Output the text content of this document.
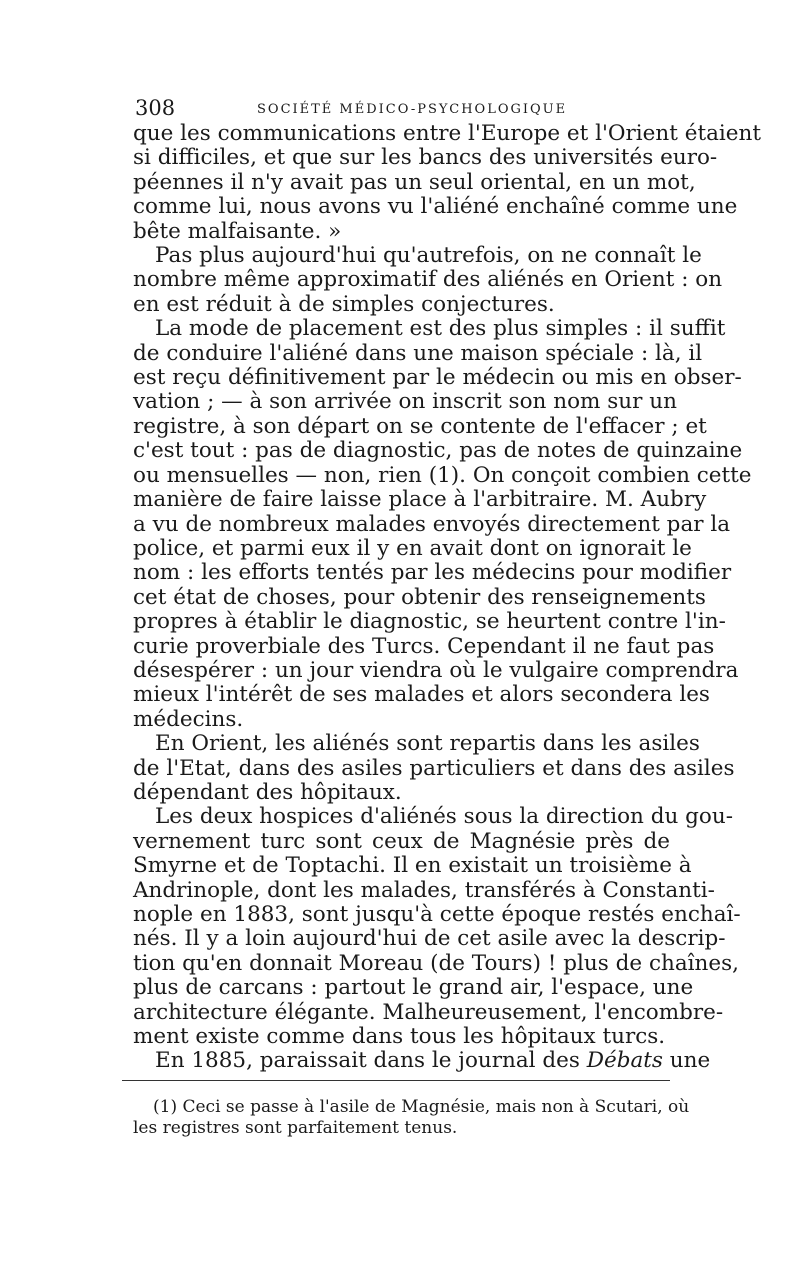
308	SOCIÉTÉ MÉDICO-PSYCHOLOGIQUE

que les communications entre l'Europe et l'Orient étaient
si difficiles, et que sur les bancs des universités euro-
péennes il n'y avait pas un seul oriental, en un mot,
comme lui, nous avons vu l'aliéné enchaîné comme une
bête malfaisante. »

Pas plus aujourd'hui qu'autrefois, on ne connaît le
nombre même approximatif des aliénés en Orient : on
en est réduit à de simples conjectures.

La mode de placement est des plus simples : il suffit
de conduire l'aliéné dans une maison spéciale : là, il
est reçu définitivement par le médecin ou mis en obser-
vation ; — à son arrivée on inscrit son nom sur un
registre, à son départ on se contente de l'effacer ; et
c'est tout : pas de diagnostic, pas de notes de quinzaine
ou mensuelles — non, rien (1). On conçoit combien cette
manière de faire laisse place à l'arbitraire. M. Aubry
a vu de nombreux malades envoyés directement par la
police, et parmi eux il y en avait dont on ignorait le
nom : les efforts tentés par les médecins pour modifier
cet état de choses, pour obtenir des renseignements
propres à établir le diagnostic, se heurtent contre l'in-
curie proverbiale des Turcs. Cependant il ne faut pas
désespérer : un jour viendra où le vulgaire comprendra
mieux l'intérêt de ses malades et alors secondera les
médecins.

En Orient, les aliénés sont repartis dans les asiles
de l'Etat, dans des asiles particuliers et dans des asiles
dépendant des hôpitaux.

Les deux hospices d'aliénés sous la direction du gou-
vernement turc sont ceux de Magnésie près de
Smyrne et de Toptachi. Il en existait un troisième à
Andrinople, dont les malades, transférés à Constanti-
nople en 1883, sont jusqu'à cette époque restés enchaî-
nés. Il y a loin aujourd'hui de cet asile avec la descrip-
tion qu'en donnait Moreau (de Tours) ! plus de chaînes,
plus de carcans : partout le grand air, l'espace, une
architecture élégante. Malheureusement, l'encombre-
ment existe comme dans tous les hôpitaux turcs.

En 1885, paraissait dans le journal des Débats une

(1) Ceci se passe à l'asile de Magnésie, mais non à Scutari, où
les registres sont parfaitement tenus.
